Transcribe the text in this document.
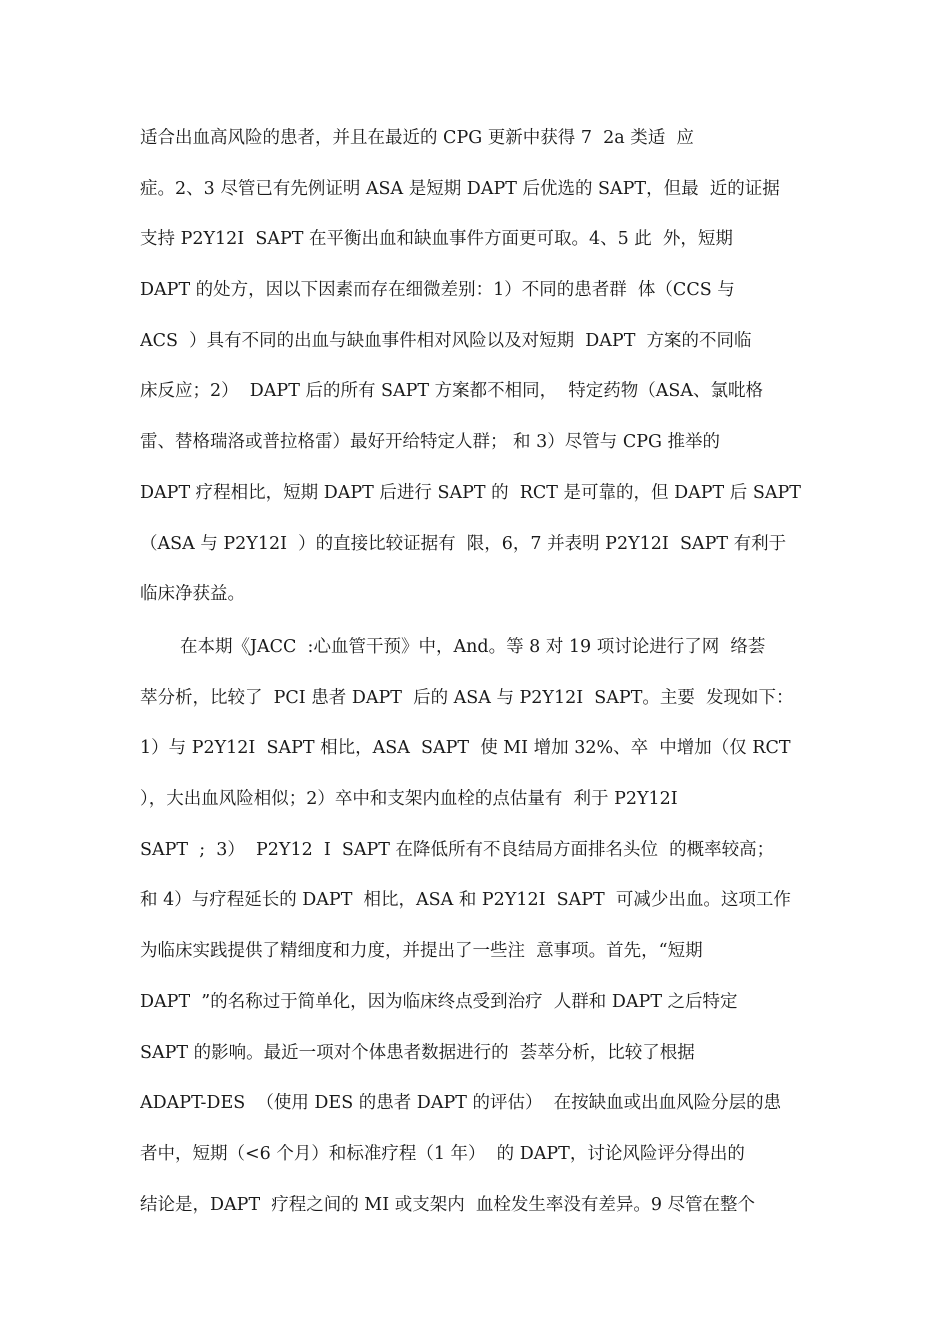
适合出血高风险的患者，并且在最近的 CPG 更新中获得 7  2a 类适  应
症。2、3 尽管已有先例证明 ASA 是短期 DAPT 后优选的 SAPT，但最  近的证据
支持 P2Y12I  SAPT 在平衡出血和缺血事件方面更可取。4、5 此  外，短期
DAPT 的处方，因以下因素而存在细微差别：1）不同的患者群  体（CCS 与
ACS  ）具有不同的出血与缺血事件相对风险以及对短期  DAPT  方案的不同临
床反应；2）  DAPT 后的所有 SAPT 方案都不相同，  特定药物（ASA、氯吡格
雷、替格瑞洛或普拉格雷）最好开给特定人群； 和 3）尽管与 CPG 推举的
DAPT 疗程相比，短期 DAPT 后进行 SAPT 的  RCT 是可靠的，但 DAPT 后 SAPT
（ASA 与 P2Y12I  ）的直接比较证据有  限，6，7 并表明 P2Y12I  SAPT 有利于
临床净获益。
在本期《JACC  :心血管干预》中，And。等 8 对 19 项讨论进行了网  络荟
萃分析，比较了  PCI 患者 DAPT  后的 ASA 与 P2Y12I  SAPT。主要  发现如下：
1）与 P2Y12I  SAPT 相比，ASA  SAPT  使 MI 增加 32%、卒  中增加（仅 RCT
），大出血风险相似；2）卒中和支架内血栓的点估量有  利于 P2Y12I
SAPT  ;  3）  P2Y12  I  SAPT 在降低所有不良结局方面排名头位  的概率较高；
和 4）与疗程延长的 DAPT  相比，ASA 和 P2Y12I  SAPT  可减少出血。这项工作
为临床实践提供了精细度和力度，并提出了一些注  意事项。首先，“短期
DAPT  ”的名称过于简单化，因为临床终点受到治疗  人群和 DAPT 之后特定
SAPT 的影响。最近一项对个体患者数据进行的  荟萃分析，比较了根据
ADAPT-DES  （使用 DES 的患者 DAPT 的评估）  在按缺血或出血风险分层的患
者中，短期（<6 个月）和标准疗程（1 年）  的 DAPT，讨论风险评分得出的
结论是，DAPT  疗程之间的 MI 或支架内  血栓发生率没有差异。9 尽管在整个
